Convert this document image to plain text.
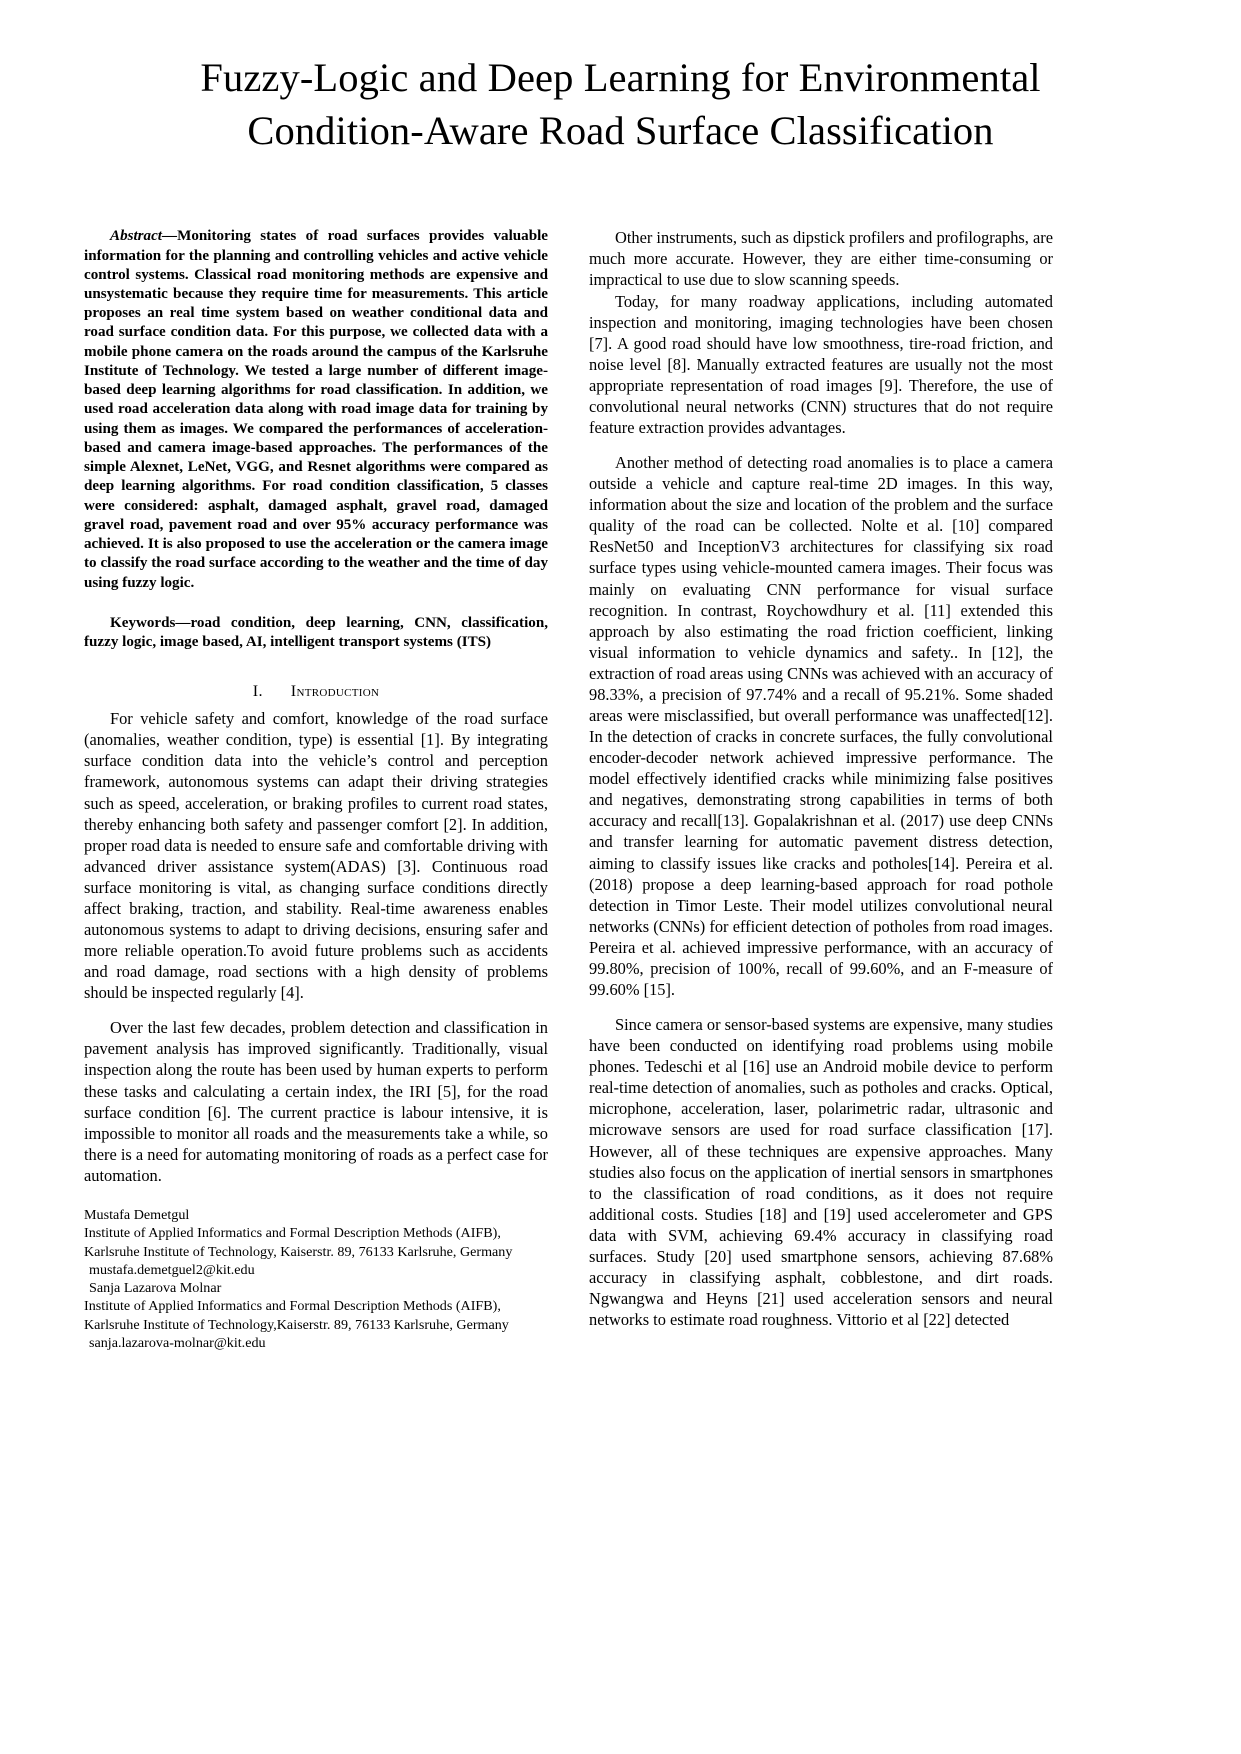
Fuzzy-Logic and Deep Learning for Environmental
Condition-Aware Road Surface Classification

Abstract—Monitoring states of road surfaces provides valuable information for the planning and controlling vehicles and active vehicle control systems. Classical road monitoring methods are expensive and unsystematic because they require time for measurements. This article proposes an real time system based on weather conditional data and road surface condition data. For this purpose, we collected data with a mobile phone camera on the roads around the campus of the Karlsruhe Institute of Technology. We tested a large number of different image-based deep learning algorithms for road classification. In addition, we used road acceleration data along with road image data for training by using them as images. We compared the performances of acceleration-based and camera image-based approaches. The performances of the simple Alexnet, LeNet, VGG, and Resnet algorithms were compared as deep learning algorithms. For road condition classification, 5 classes were considered: asphalt, damaged asphalt, gravel road, damaged gravel road, pavement road and over 95% accuracy performance was achieved. It is also proposed to use the acceleration or the camera image to classify the road surface according to the weather and the time of day using fuzzy logic.

Keywords—road condition, deep learning, CNN, classification, fuzzy logic, image based, AI, intelligent transport systems (ITS)

I. Introduction

For vehicle safety and comfort, knowledge of the road surface (anomalies, weather condition, type) is essential [1]. By integrating surface condition data into the vehicle’s control and perception framework, autonomous systems can adapt their driving strategies such as speed, acceleration, or braking profiles to current road states, thereby enhancing both safety and passenger comfort [2]. In addition, proper road data is needed to ensure safe and comfortable driving with advanced driver assistance system(ADAS) [3]. Continuous road surface monitoring is vital, as changing surface conditions directly affect braking, traction, and stability. Real-time awareness enables autonomous systems to adapt to driving decisions, ensuring safer and more reliable operation.To avoid future problems such as accidents and road damage, road sections with a high density of problems should be inspected regularly [4].

Over the last few decades, problem detection and classification in pavement analysis has improved significantly. Traditionally, visual inspection along the route has been used by human experts to perform these tasks and calculating a certain index, the IRI [5], for the road surface condition [6]. The current practice is labour intensive, it is impossible to monitor all roads and the measurements take a while, so there is a need for automating monitoring of roads as a perfect case for automation.

Mustafa Demetgul

Institute of Applied Informatics and Formal Description Methods (AIFB),

Karlsruhe Institute of Technology, Kaiserstr. 89, 76133 Karlsruhe, Germany

mustafa.demetguel2@kit.edu

Sanja Lazarova Molnar

Institute of Applied Informatics and Formal Description Methods (AIFB),

Karlsruhe Institute of Technology,Kaiserstr. 89, 76133 Karlsruhe, Germany

sanja.lazarova-molnar@kit.edu

Other instruments, such as dipstick profilers and profilographs, are much more accurate. However, they are either time-consuming or impractical to use due to slow scanning speeds.

Today, for many roadway applications, including automated inspection and monitoring, imaging technologies have been chosen [7]. A good road should have low smoothness, tire-road friction, and noise level [8]. Manually extracted features are usually not the most appropriate representation of road images [9]. Therefore, the use of convolutional neural networks (CNN) structures that do not require feature extraction provides advantages.

Another method of detecting road anomalies is to place a camera outside a vehicle and capture real-time 2D images. In this way, information about the size and location of the problem and the surface quality of the road can be collected. Nolte et al. [10] compared ResNet50 and InceptionV3 architectures for classifying six road surface types using vehicle-mounted camera images. Their focus was mainly on evaluating CNN performance for visual surface recognition. In contrast, Roychowdhury et al. [11] extended this approach by also estimating the road friction coefficient, linking visual information to vehicle dynamics and safety.. In [12], the extraction of road areas using CNNs was achieved with an accuracy of 98.33%, a precision of 97.74% and a recall of 95.21%. Some shaded areas were misclassified, but overall performance was unaffected[12]. In the detection of cracks in concrete surfaces, the fully convolutional encoder-decoder network achieved impressive performance. The model effectively identified cracks while minimizing false positives and negatives, demonstrating strong capabilities in terms of both accuracy and recall[13]. Gopalakrishnan et al. (2017) use deep CNNs and transfer learning for automatic pavement distress detection, aiming to classify issues like cracks and potholes[14]. Pereira et al. (2018) propose a deep learning-based approach for road pothole detection in Timor Leste. Their model utilizes convolutional neural networks (CNNs) for efficient detection of potholes from road images. Pereira et al. achieved impressive performance, with an accuracy of 99.80%, precision of 100%, recall of 99.60%, and an F-measure of 99.60% [15].

Since camera or sensor-based systems are expensive, many studies have been conducted on identifying road problems using mobile phones. Tedeschi et al [16] use an Android mobile device to perform real-time detection of anomalies, such as potholes and cracks. Optical, microphone, acceleration, laser, polarimetric radar, ultrasonic and microwave sensors are used for road surface classification [17]. However, all of these techniques are expensive approaches. Many studies also focus on the application of inertial sensors in smartphones to the classification of road conditions, as it does not require additional costs. Studies [18] and [19] used accelerometer and GPS data with SVM, achieving 69.4% accuracy in classifying road surfaces. Study [20] used smartphone sensors, achieving 87.68% accuracy in classifying asphalt, cobblestone, and dirt roads. Ngwangwa and Heyns [21] used acceleration sensors and neural networks to estimate road roughness. Vittorio et al [22] detected
